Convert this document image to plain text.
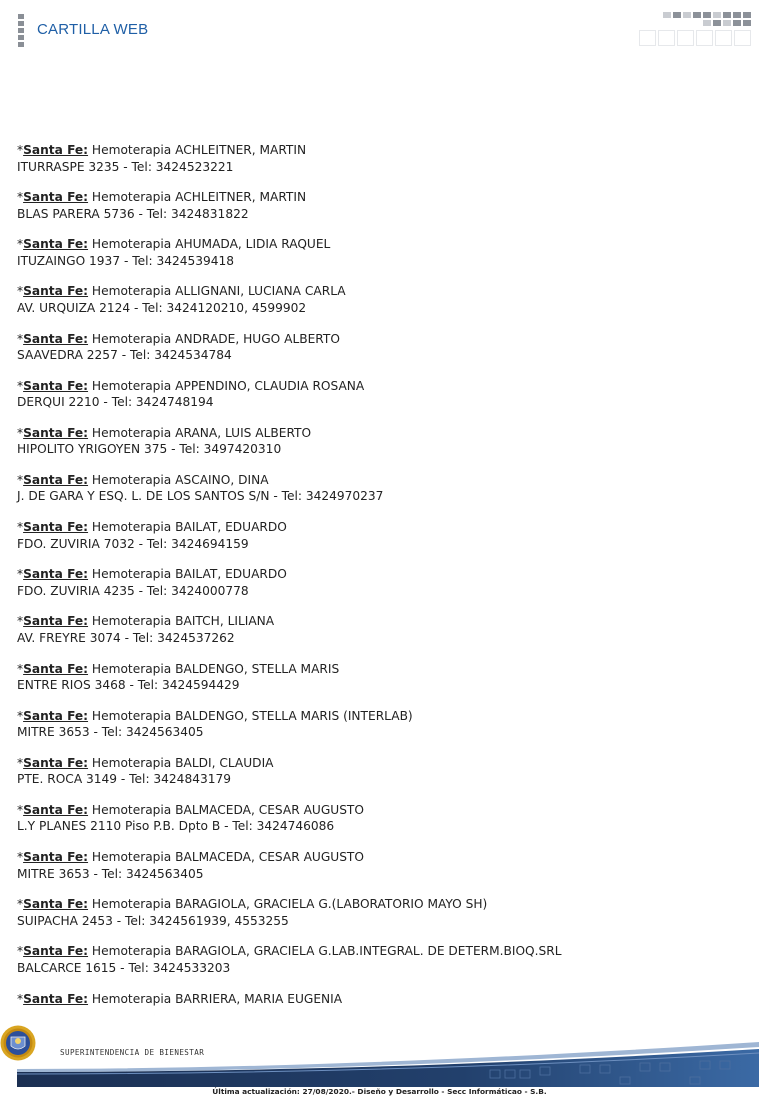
CARTILLA WEB
*Santa Fe: Hemoterapia ACHLEITNER, MARTIN
ITURRASPE 3235 - Tel: 3424523221
*Santa Fe: Hemoterapia ACHLEITNER, MARTIN
BLAS PARERA 5736 - Tel: 3424831822
*Santa Fe: Hemoterapia AHUMADA, LIDIA RAQUEL
ITUZAINGO 1937 - Tel: 3424539418
*Santa Fe: Hemoterapia ALLIGNANI, LUCIANA CARLA
AV. URQUIZA 2124 - Tel: 3424120210, 4599902
*Santa Fe: Hemoterapia ANDRADE, HUGO ALBERTO
SAAVEDRA 2257 - Tel: 3424534784
*Santa Fe: Hemoterapia APPENDINO, CLAUDIA ROSANA
DERQUI 2210 - Tel: 3424748194
*Santa Fe: Hemoterapia ARANA, LUIS ALBERTO
HIPOLITO YRIGOYEN 375 - Tel: 3497420310
*Santa Fe: Hemoterapia ASCAINO, DINA
J. DE GARA Y ESQ. L. DE LOS SANTOS S/N - Tel: 3424970237
*Santa Fe: Hemoterapia BAILAT, EDUARDO
FDO. ZUVIRIA 7032 - Tel: 3424694159
*Santa Fe: Hemoterapia BAILAT, EDUARDO
FDO. ZUVIRIA 4235 - Tel: 3424000778
*Santa Fe: Hemoterapia BAITCH, LILIANA
AV. FREYRE 3074 - Tel: 3424537262
*Santa Fe: Hemoterapia BALDENGO, STELLA MARIS
ENTRE RIOS 3468 - Tel: 3424594429
*Santa Fe: Hemoterapia BALDENGO, STELLA MARIS (INTERLAB)
MITRE 3653 - Tel: 3424563405
*Santa Fe: Hemoterapia BALDI, CLAUDIA
PTE. ROCA 3149 - Tel: 3424843179
*Santa Fe: Hemoterapia BALMACEDA, CESAR AUGUSTO
L.Y PLANES 2110 Piso P.B. Dpto B - Tel: 3424746086
*Santa Fe: Hemoterapia BALMACEDA, CESAR AUGUSTO
MITRE 3653 - Tel: 3424563405
*Santa Fe: Hemoterapia BARAGIOLA, GRACIELA G.(LABORATORIO MAYO SH)
SUIPACHA 2453 - Tel: 3424561939, 4553255
*Santa Fe: Hemoterapia BARAGIOLA, GRACIELA G.LAB.INTEGRAL. DE DETERM.BIOQ.SRL
BALCARCE 1615 - Tel: 3424533203
*Santa Fe: Hemoterapia BARRIERA, MARIA EUGENIA
SUPERINTENDENCIA DE BIENESTAR
Última actualización: 27/08/2020.- Diseño y Desarrollo - Secc Informáticao - S.B.
